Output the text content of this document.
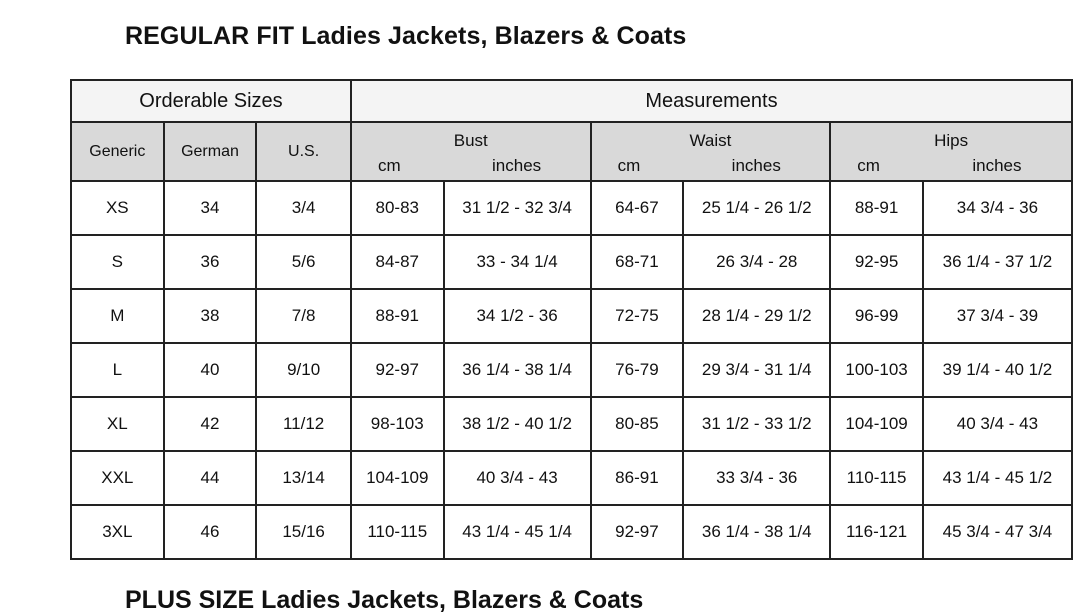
REGULAR FIT Ladies Jackets, Blazers & Coats
Orderable Sizes			Measurements					
Generic	German	U.S.	Bust		Waist		Hips	
			cm	inches	cm	inches	cm	inches
XS	34	3/4	80-83	31 1/2 - 32 3/4	64-67	25 1/4 - 26 1/2	88-91	34 3/4 - 36
S	36	5/6	84-87	33 - 34 1/4	68-71	26 3/4 - 28	92-95	36 1/4 - 37 1/2
M	38	7/8	88-91	34 1/2 - 36	72-75	28 1/4 - 29 1/2	96-99	37 3/4 - 39
L	40	9/10	92-97	36 1/4 - 38 1/4	76-79	29 3/4 - 31 1/4	100-103	39 1/4 - 40 1/2
XL	42	11/12	98-103	38 1/2 - 40 1/2	80-85	31 1/2 - 33 1/2	104-109	40 3/4 - 43
XXL	44	13/14	104-109	40 3/4 - 43	86-91	33 3/4 - 36	110-115	43 1/4 - 45 1/2
3XL	46	15/16	110-115	43 1/4 - 45 1/4	92-97	36 1/4 - 38 1/4	116-121	45 3/4 - 47 3/4
PLUS SIZE Ladies Jackets, Blazers & Coats
